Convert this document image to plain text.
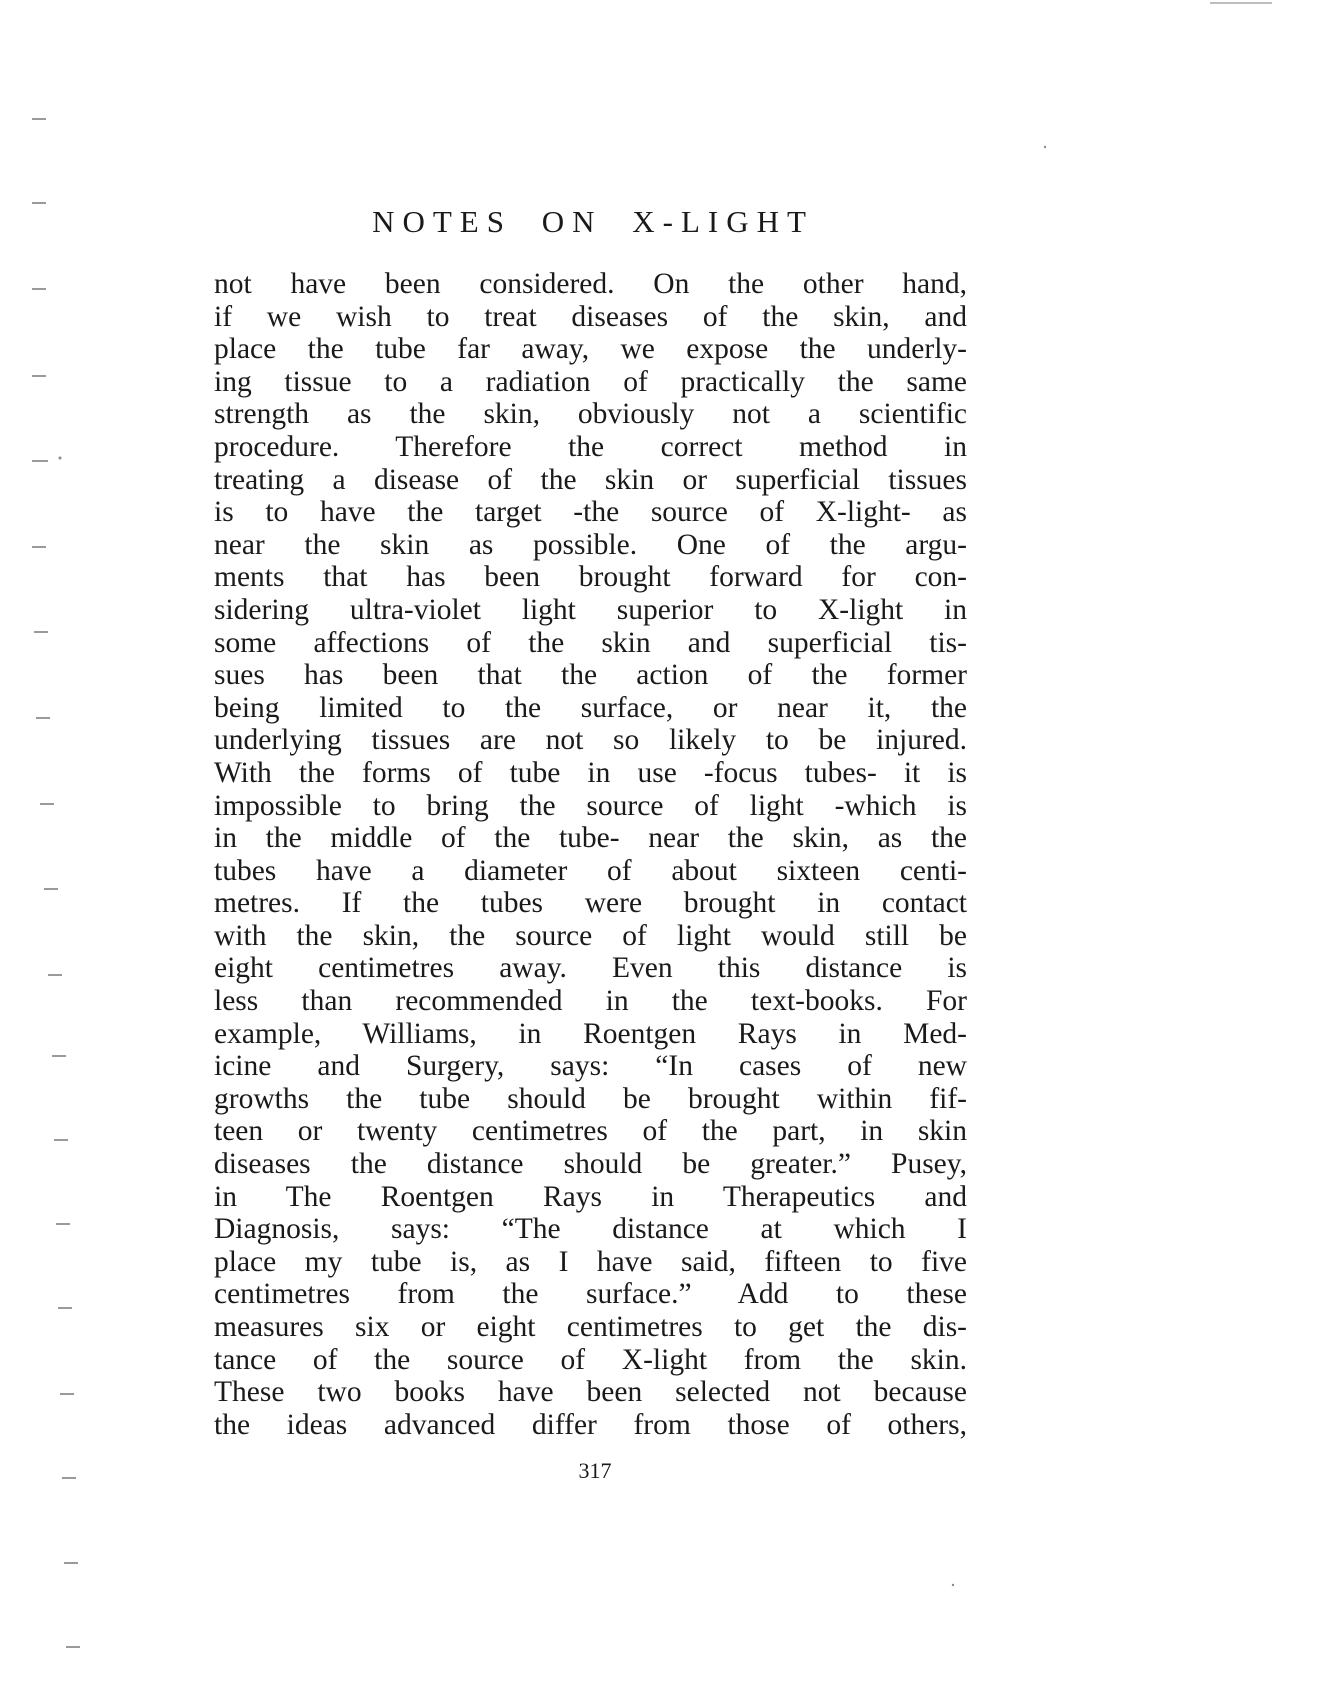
NOTES ON X-LIGHT
not have been considered. On the other hand,
if we wish to treat diseases of the skin, and
place the tube far away, we expose the underly-
ing tissue to a radiation of practically the same
strength as the skin, obviously not a scientific
procedure. Therefore the correct method in
treating a disease of the skin or superficial tissues
is to have the target -the source of X-light- as
near the skin as possible. One of the argu-
ments that has been brought forward for con-
sidering ultra-violet light superior to X-light in
some affections of the skin and superficial tis-
sues has been that the action of the former
being limited to the surface, or near it, the
underlying tissues are not so likely to be injured.
With the forms of tube in use -focus tubes- it is
impossible to bring the source of light -which is
in the middle of the tube- near the skin, as the
tubes have a diameter of about sixteen centi-
metres. If the tubes were brought in contact
with the skin, the source of light would still be
eight centimetres away. Even this distance is
less than recommended in the text-books. For
example, Williams, in Roentgen Rays in Med-
icine and Surgery, says: “In cases of new
growths the tube should be brought within fif-
teen or twenty centimetres of the part, in skin
diseases the distance should be greater.” Pusey,
in The Roentgen Rays in Therapeutics and
Diagnosis, says: “The distance at which I
place my tube is, as I have said, fifteen to five
centimetres from the surface.” Add to these
measures six or eight centimetres to get the dis-
tance of the source of X-light from the skin.
These two books have been selected not because
the ideas advanced differ from those of others,
317
